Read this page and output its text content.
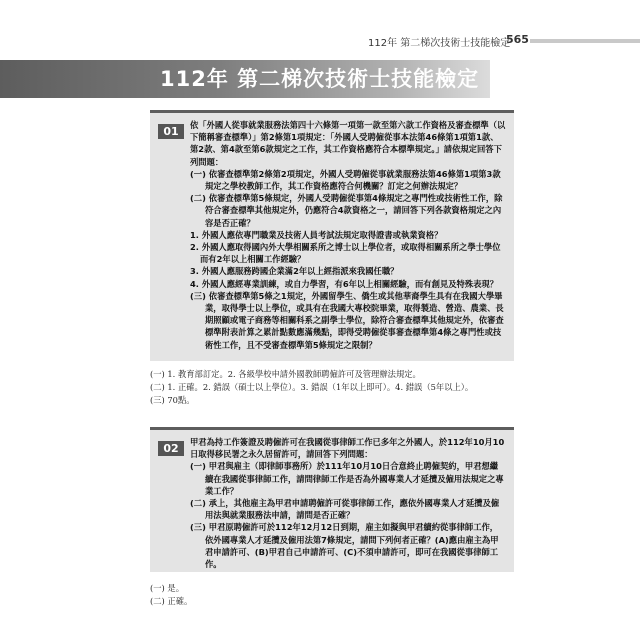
112年 第二梯次技術士技能檢定
565
112年 第二梯次技術士技能檢定
01	依「外國人從事就業服務法第四十六條第一項第一款至第六款工作資格及審查標準（以下簡稱審查標準）」第2條第1項規定：「外國人受聘僱從事本法第46條第1項第1款、第2款、第4款至第6款規定之工作，其工作資格應符合本標準規定。」請依規定回答下列問題：

(一) 依審查標準第2條第2項規定，外國人受聘僱從事就業服務法第46條第1項第3款規定之學校教師工作，其工作資格應符合何機關？訂定之何辦法規定？

(二) 依審查標準第5條規定，外國人受聘僱從事第4條規定之專門性或技術性工作，除符合審查標準其他規定外，仍應符合4款資格之一，請回答下列各款資格規定之內容是否正確？

1. 外國人應依專門職業及技術人員考試法規定取得證書或執業資格？

2. 外國人應取得國內外大學相關系所之博士以上學位者，或取得相關系所之學士學位而有2年以上相關工作經驗？

3. 外國人應服務跨國企業滿2年以上經指派來我國任職？

4. 外國人應經專業訓練，或自力學習，有6年以上相關經驗，而有創見及特殊表現？

(三) 依審查標準第5條之1規定，外國留學生、僑生或其他華裔學生具有在我國大學畢業，取得學士以上學位，或具有在我國大專校院畢業，取得製造、營造、農業、長期照顧或電子商務等相關科系之副學士學位，除符合審查標準其他規定外，依審查標準附表計算之累計點數應滿幾點，即得受聘僱從事審查標準第4條之專門性或技術性工作，且不受審查標準第5條規定之限制？

(一) 1. 教育部訂定。2. 各級學校申請外國教師聘僱許可及管理辦法規定。

(二) 1. 正確。2. 錯誤（碩士以上學位）。3. 錯誤（1年以上即可）。4. 錯誤（5年以上）。

(三) 70點。

02	甲君為持工作簽證及聘僱許可在我國從事律師工作已多年之外國人，於112年10月10日取得移民署之永久居留許可，請回答下列問題：

(一) 甲君與雇主（即律師事務所）於111年10月10日合意終止聘僱契約，甲君想繼續在我國從事律師工作，請問律師工作是否為外國專業人才延攬及僱用法規定之專業工作？

(二) 承上，其他雇主為甲君申請聘僱許可從事律師工作，應依外國專業人才延攬及僱用法與就業服務法申請，請問是否正確？

(三) 甲君原聘僱許可於112年12月12日到期，雇主如擬與甲君續約從事律師工作，依外國專業人才延攬及僱用法第7條規定，請問下列何者正確？(A)應由雇主為甲君申請許可、(B)甲君自己申請許可、(C)不須申請許可，即可在我國從事律師工作。

(一) 是。

(二) 正確。
